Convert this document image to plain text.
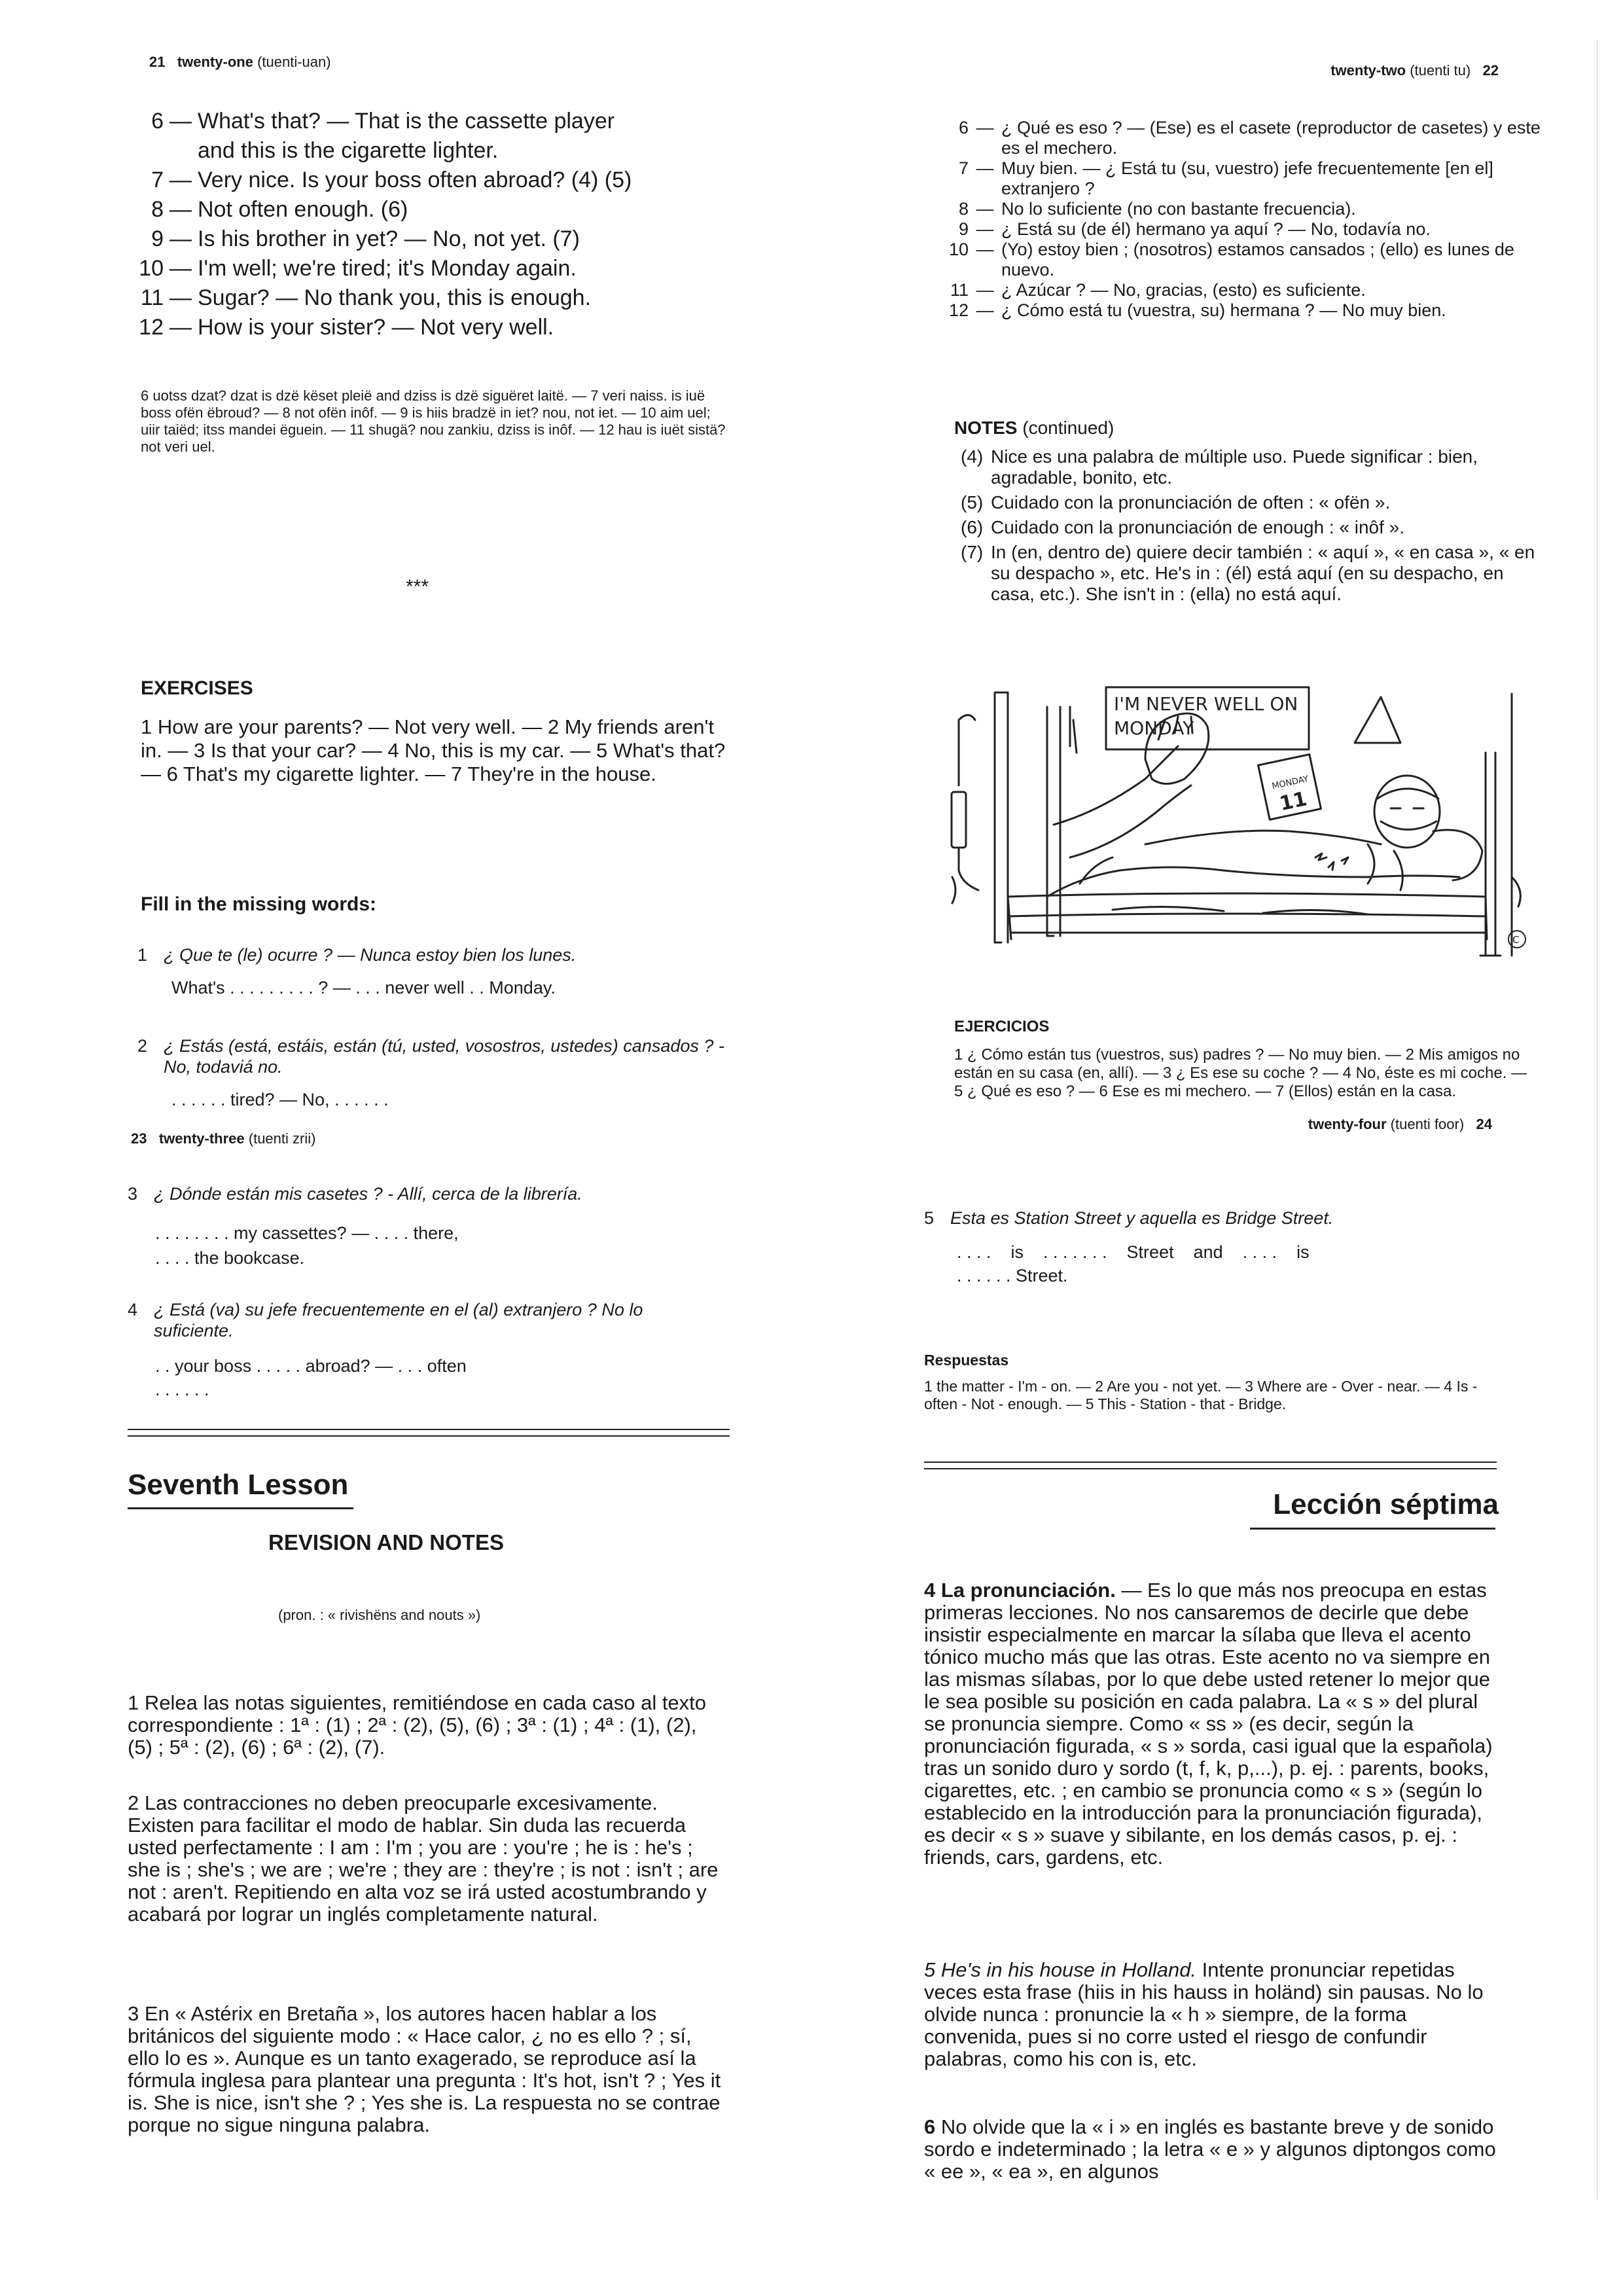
21 twenty-one (tuenti-uan)
6 — What's that? — That is the cassette player
and this is the cigarette lighter.
7 — Very nice. Is your boss often abroad? (4) (5)
8 — Not often enough. (6)
9 — Is his brother in yet? — No, not yet. (7)
10 — I'm well; we're tired; it's Monday again.
11 — Sugar? — No thank you, this is enough.
12 — How is your sister? — Not very well.
6 uotss dzat? dzat is dzë këset pleië and dziss is dzë siguëret laitë. — 7 veri naiss. is iuë boss ofën ëbroud? — 8 not ofën inôf. — 9 is hiis bradzë in iet? nou, not iet. — 10 aim uel; uiir taiëd; itss mandei ëguein. — 11 shugä? nou zankiu, dziss is inôf. — 12 hau is iuët sistä? not veri uel.
***
EXERCISES
1 How are your parents? — Not very well. — 2 My friends aren't in. — 3 Is that your car? — 4 No, this is my car. — 5 What's that? — 6 That's my cigarette lighter. — 7 They're in the house.
Fill in the missing words:
1 ¿ Que te (le) ocurre ? — Nunca estoy bien los lunes.
What's . . . . . . . . . ? — . . . never well . . Monday.
2 ¿ Estás (está, estáis, están (tú, usted, vosostros, ustedes) cansados ? - No, todaviá no.
. . . . . . tired? — No, . . . . . .
23 twenty-three (tuenti zrii)
3 ¿ Dónde están mis casetes ? - Allí, cerca de la librería.
. . . . . . . . my cassettes? — . . . . there,
. . . . the bookcase.
4 ¿ Está (va) su jefe frecuentemente en el (al) extranjero ? No lo suficiente.
. . your boss . . . . . abroad? — . . . often
. . . . . .
Seventh Lesson
REVISION AND NOTES
(pron. : « rivishëns and nouts »)
1 Relea las notas siguientes, remitiéndose en cada caso al texto correspondiente : 1ª : (1) ; 2ª : (2), (5), (6) ; 3ª : (1) ; 4ª : (1), (2), (5) ; 5ª : (2), (6) ; 6ª : (2), (7).
2 Las contracciones no deben preocuparle excesivamente. Existen para facilitar el modo de hablar. Sin duda las recuerda usted perfectamente : I am : I'm ; you are : you're ; he is : he's ; she is ; she's ; we are ; we're ; they are : they're ; is not : isn't ; are not : aren't. Repitiendo en alta voz se irá usted acostumbrando y acabará por lograr un inglés completamente natural.
3 En « Astérix en Bretaña », los autores hacen hablar a los británicos del siguiente modo : « Hace calor, ¿ no es ello ? ; sí, ello lo es ». Aunque es un tanto exagerado, se reproduce así la fórmula inglesa para plantear una pregunta : It's hot, isn't ? ; Yes it is. She is nice, isn't she ? ; Yes she is. La respuesta no se contrae porque no sigue ninguna palabra.
twenty-two (tuenti tu) 22
6 — ¿ Qué es eso ? — (Ese) es el casete (reproductor de casetes) y este es el mechero.
7 — Muy bien. — ¿ Está tu (su, vuestro) jefe frecuentemente [en el] extranjero ?
8 — No lo suficiente (no con bastante frecuencia).
9 — ¿ Está su (de él) hermano ya aquí ? — No, todavía no.
10 — (Yo) estoy bien ; (nosotros) estamos cansados ; (ello) es lunes de nuevo.
11 — ¿ Azúcar ? — No, gracias, (esto) es suficiente.
12 — ¿ Cómo está tu (vuestra, su) hermana ? — No muy bien.
NOTES (continued)
(4) Nice es una palabra de múltiple uso. Puede significar : bien, agradable, bonito, etc.
(5) Cuidado con la pronunciación de often : « ofën ».
(6) Cuidado con la pronunciación de enough : « inôf ».
(7) In (en, dentro de) quiere decir también : « aquí », « en casa », « en su despacho », etc. He's in : (él) está aquí (en su despacho, en casa, etc.). She isn't in : (ella) no está aquí.
I'M NEVER WELL ON MONDAY
MONDAY
11
C
EJERCICIOS
1 ¿ Cómo están tus (vuestros, sus) padres ? — No muy bien. — 2 Mis amigos no están en su casa (en, allí). — 3 ¿ Es ese su coche ? — 4 No, éste es mi coche. — 5 ¿ Qué es eso ? — 6 Ese es mi mechero. — 7 (Ellos) están en la casa.
twenty-four (tuenti foor) 24
5 Esta es Station Street y aquella es Bridge Street.
. . . .    is    . . . . . . .    Street    and    . . . .    is
. . . . . . Street.
Respuestas
1 the matter - I'm - on. — 2 Are you - not yet. — 3 Where are - Over - near. — 4 Is - often - Not - enough. — 5 This - Station - that - Bridge.
Lección séptima
4 La pronunciación. — Es lo que más nos preocupa en estas primeras lecciones. No nos cansaremos de decirle que debe insistir especialmente en marcar la sílaba que lleva el acento tónico mucho más que las otras. Este acento no va siempre en las mismas sílabas, por lo que debe usted retener lo mejor que le sea posible su posición en cada palabra. La « s » del plural se pronuncia siempre. Como « ss » (es decir, según la pronunciación figurada, « s » sorda, casi igual que la española) tras un sonido duro y sordo (t, f, k, p,...), p. ej. : parents, books, cigarettes, etc. ; en cambio se pronuncia como « s » (según lo establecido en la introducción para la pronunciación figurada), es decir « s » suave y sibilante, en los demás casos, p. ej. : friends, cars, gardens, etc.
5 He's in his house in Holland. Intente pronunciar repetidas veces esta frase (hiis in his hauss in holänd) sin pausas. No lo olvide nunca : pronuncie la « h » siempre, de la forma convenida, pues si no corre usted el riesgo de confundir palabras, como his con is, etc.
6 No olvide que la « i » en inglés es bastante breve y de sonido sordo e indeterminado ; la letra « e » y algunos diptongos como « ee », « ea », en algunos
